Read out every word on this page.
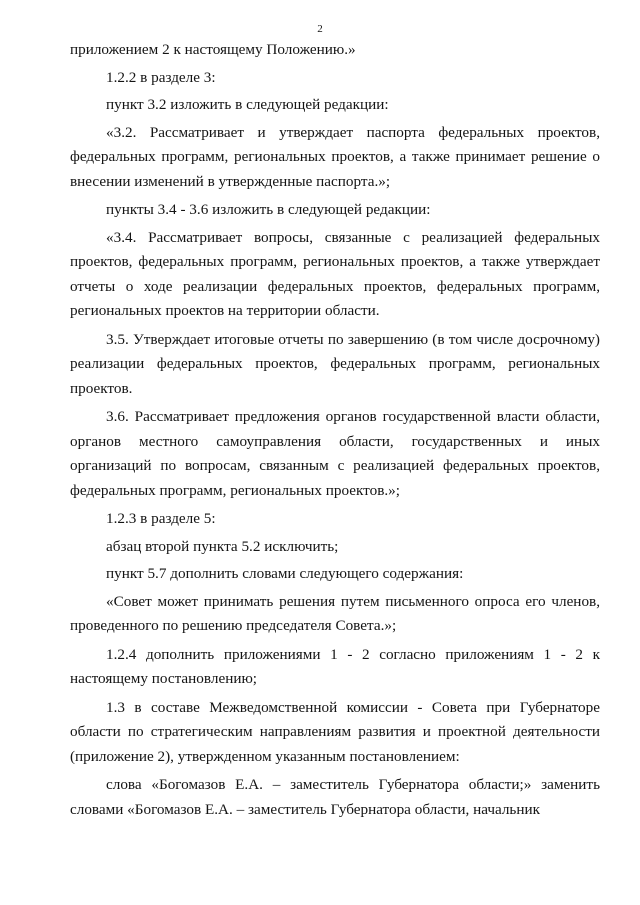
2

приложением 2 к настоящему Положению.»

1.2.2 в разделе 3:

пункт 3.2 изложить в следующей редакции:

«3.2. Рассматривает и утверждает паспорта федеральных проектов, федеральных программ, региональных проектов, а также принимает решение о внесении изменений в утвержденные паспорта.»;

пункты 3.4 - 3.6 изложить в следующей редакции:

«3.4. Рассматривает вопросы, связанные с реализацией федеральных проектов, федеральных программ, региональных проектов, а также утверждает отчеты о ходе реализации федеральных проектов, федеральных программ, региональных проектов на территории области.

3.5. Утверждает итоговые отчеты по завершению (в том числе досрочному) реализации федеральных проектов, федеральных программ, региональных проектов.

3.6. Рассматривает предложения органов государственной власти области, органов местного самоуправления области, государственных и иных организаций по вопросам, связанным с реализацией федеральных проектов, федеральных программ, региональных проектов.»;

1.2.3 в разделе 5:

абзац второй пункта 5.2 исключить;

пункт 5.7 дополнить словами следующего содержания:

«Совет может принимать решения путем письменного опроса его членов, проведенного по решению председателя Совета.»;

1.2.4 дополнить приложениями 1 - 2 согласно приложениям 1 - 2 к настоящему постановлению;

1.3 в составе Межведомственной комиссии - Совета при Губернаторе области по стратегическим направлениям развития и проектной деятельности (приложение 2), утвержденном указанным постановлением:

слова «Богомазов Е.А. – заместитель Губернатора области;» заменить словами «Богомазов Е.А. – заместитель Губернатора области, начальник
